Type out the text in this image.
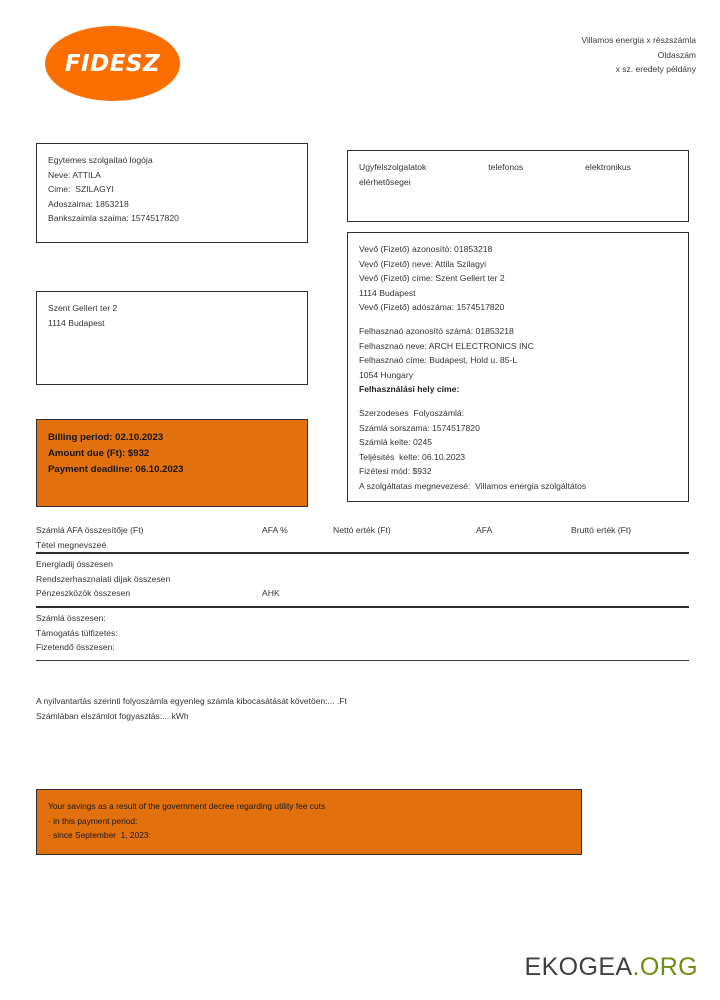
FIDESZ
Villamos energia x részszámla
Oldaszám
x sz. eredety példány
Egytemes szolgaitaó logója
Neve: ATTILA
Cime:  SZILAGYI
Adoszaima: 1853218
Bankszaimla szaima: 1574517820
Szent Gellert ter 2
1114 Budapest
Ugyfelszolgalatok	telefonos	elektronikus
elérhetősegei
Vevő (Fizető) azonosító: 01853218
Vevő (Fizető) neve: Attila Szilagyi
Vevő (Fizető) címe: Szent Gellert ter 2
1114 Budapest
Vevő (Fizető) adószáma: 1574517820
Felhasznaó azonosító számá: 01853218
Felhasznaó neve: ARCH ELECTRONICS INC
Felhasznaó címe: Budapest, Hold u. 85-L
1054 Hungary
Felhasználási hely címe:
Szerzodeses  Folyoszámlá:
Számlá sorszama: 1574517820
Számlá kelte: 0245
Teljésités  kelte: 06.10.2023
Fizétesi mód: $932
A szolgáltatas megnevezesé:  Villamos energia szolgáltátos
Billing period: 02.10.2023
Amount due (Ft): $932
Payment deadline: 06.10.2023
Számlá AFA összesítője (Ft)	AFA %	Nettó erték (Ft)	AFA	Bruttó erték (Ft)
Tétel megnevszeé
Energiadij összesen
Rendszerhasznalati dijak összesen
Pénzeszközök összesen	AHK
Számlá összesen:
Támogatás túlfizetes:
Fizetendő összesen:
A nyilvantartás szerinti folyoszámla egyenleg számla kibocasátását követöen:... .Ft
Számlában elszámlot fogyasztás:... kWh
Your savings as a result of the government decree regarding utility fee cuts
· in this payment period:
· since September  1, 2023:
EKOGEA.ORG
